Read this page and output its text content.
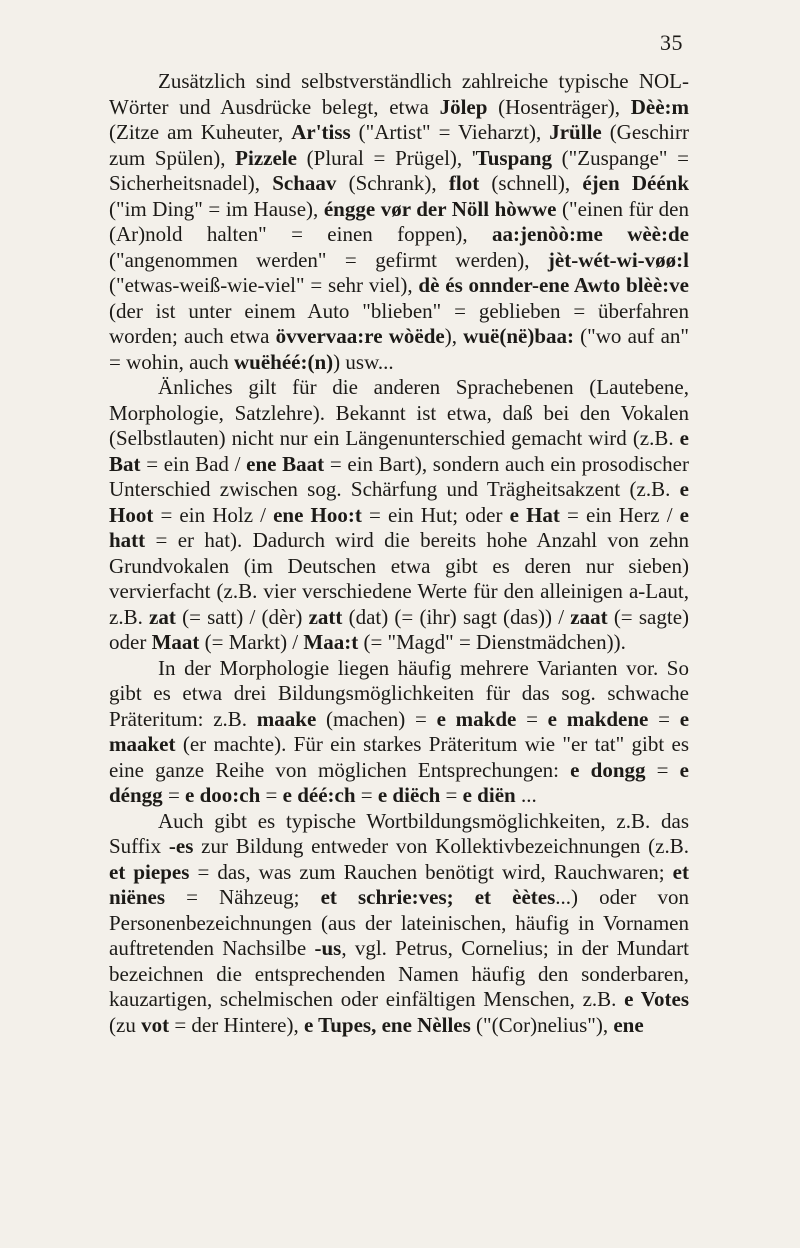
35

Zusätzlich sind selbstverständlich zahlreiche typische NOL-Wörter und Ausdrücke belegt, etwa Jölep (Hosenträger), Dèè:m (Zitze am Kuheuter, Ar'tiss ("Artist" = Viehar​zt), Jrülle (Geschirr zum Spülen), Pizzele (Plural = Prügel), 'Tuspang ("Zuspange" = Sicherheitsnadel), Schaav (Schrank), flot (schnell), éjen Déénk ("im Ding" = im Hause), éngge vør der Nöll hòwwe ("einen für den (Ar)nold halten" = einen foppen), aa:jenòò:me wèè:de ("angenommen werden" = gefirmt werden), jèt-wét-wi-vøø:l ("etwas-weiß-wie-viel" = sehr viel), dè és onnder-ene Awto blèè:ve (der ist unter einem Auto "blieben" = geblieben = überfahren worden; auch etwa övvervaa:re wòëde), wuë(në)baa: ("wo auf an" = wohin, auch wuëhéé:(n)) usw...

Änliches gilt für die anderen Sprachebenen (Lautebene, Morphologie, Satzlehre). Bekannt ist etwa, daß bei den Vokalen (Selbstlauten) nicht nur ein Längenunterschied gemacht wird (z.B. e Bat = ein Bad / ene Baat = ein Bart), sondern auch ein prosodischer Unterschied zwischen sog. Schärfung und Trägheitsakzent (z.B. e Hoot = ein Holz / ene Hoo:t = ein Hut; oder e Hat = ein Herz / e hatt = er hat). Dadurch wird die bereits hohe Anzahl von zehn Grundvokalen (im Deutschen etwa gibt es deren nur sieben) vervierfacht (z.B. vier verschiedene Werte für den alleinigen a-Laut, z.B. zat (= satt) / (dèr) zatt (dat) (= (ihr) sagt (das)) / zaat (= sagte) oder Maat (= Markt) / Maa:t (= "Magd" = Dienstmädchen)).

In der Morphologie liegen häufig mehrere Varianten vor. So gibt es etwa drei Bildungsmöglichkeiten für das sog. schwache Präteritum: z.B. maake (machen) = e makde = e makdene = e maaket (er machte). Für ein starkes Präteritum wie "er tat" gibt es eine ganze Reihe von möglichen Entsprechungen: e dongg = e déngg = e doo:ch = e déé:ch = e diëch = e diën ...

Auch gibt es typische Wortbildungsmöglichkeiten, z.B. das Suffix -es zur Bildung entweder von Kollektivbezeichnungen (z.B. et piepes = das, was zum Rauchen benötigt wird, Rauchwaren; et niënes = Nähzeug; et schrie:ves; et èètes...) oder von Personenbezeichnungen (aus der lateinischen, häufig in Vornamen auftretenden Nachsilbe -us, vgl. Petrus, Cornelius; in der Mundart bezeichnen die entsprechenden Namen häufig den sonderbaren, kauzartigen, schelmischen oder einfältigen Menschen, z.B. e Votes (zu vot = der Hintere), e Tupes, ene Nèlles ("(Cor)nelius"), ene
